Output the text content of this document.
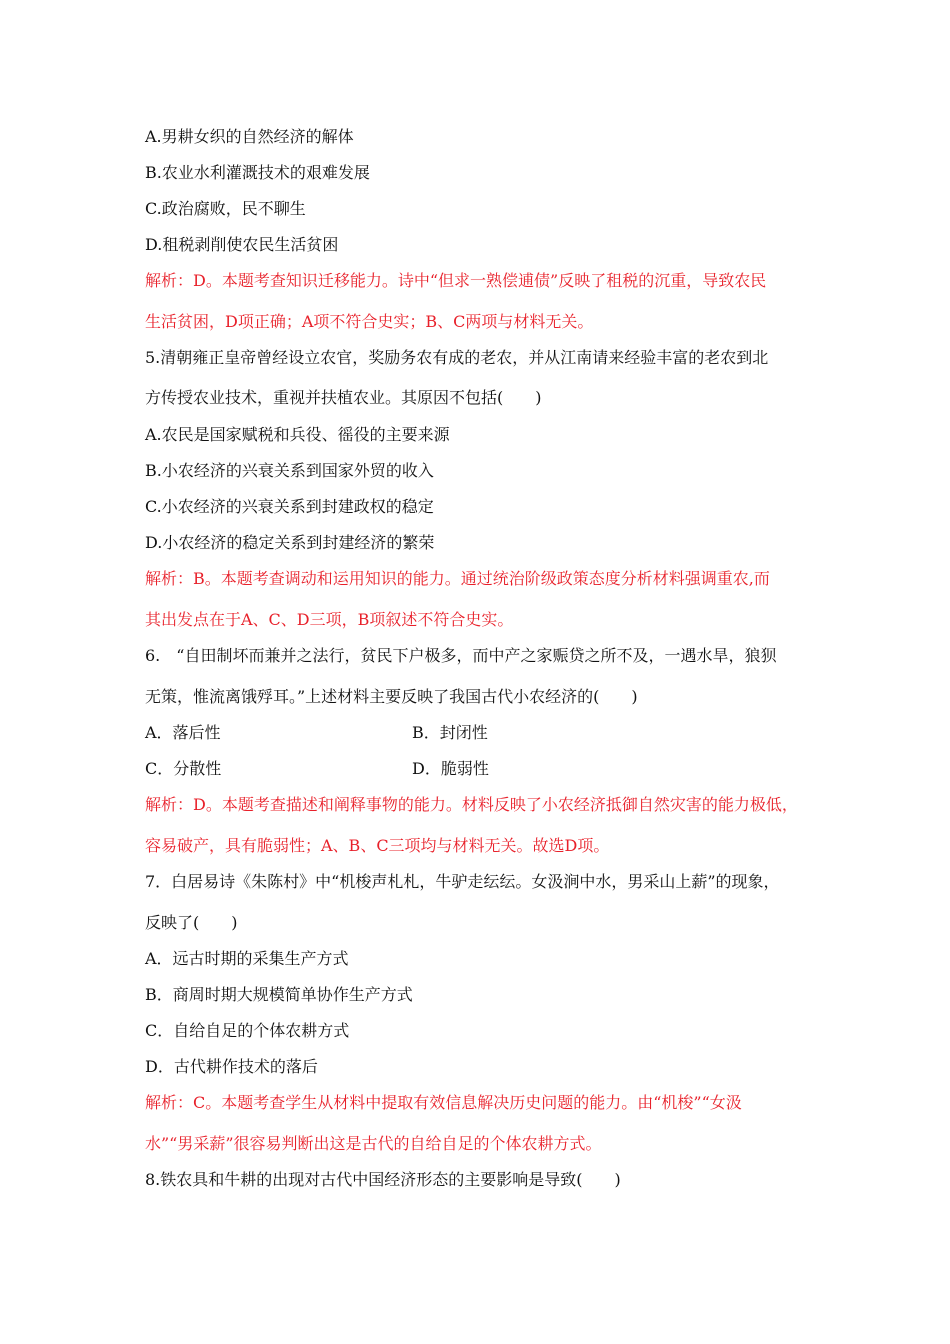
A.男耕女织的自然经济的解体
B.农业水利灌溉技术的艰难发展
C.政治腐败，民不聊生
D.租税剥削使农民生活贫困
解析：D。本题考查知识迁移能力。诗中“但求一熟偿逋债”反映了租税的沉重，导致农民
生活贫困，D项正确；A项不符合史实；B、C两项与材料无关。
5.清朝雍正皇帝曾经设立农官，奖励务农有成的老农，并从江南请来经验丰富的老农到北
方传授农业技术，重视并扶植农业。其原因不包括(　　)
A.农民是国家赋税和兵役、徭役的主要来源
B.小农经济的兴衰关系到国家外贸的收入
C.小农经济的兴衰关系到封建政权的稳定
D.小农经济的稳定关系到封建经济的繁荣
解析：B。本题考查调动和运用知识的能力。通过统治阶级政策态度分析材料强调重农,而
其出发点在于A、C、D三项，B项叙述不符合史实。
6.　“自田制坏而兼并之法行，贫民下户极多，而中产之家赈贷之所不及，一遇水旱，狼狈
无策，惟流离饿殍耳。”上述材料主要反映了我国古代小农经济的(　　)
A．落后性	B．封闭性
C．分散性	D．脆弱性
解析：D。本题考查描述和阐释事物的能力。材料反映了小农经济抵御自然灾害的能力极低，
容易破产，具有脆弱性；A、B、C三项均与材料无关。故选D项。
7．白居易诗《朱陈村》中“机梭声札札，牛驴走纭纭。女汲涧中水，男采山上薪”的现象，
反映了(　　)
A．远古时期的采集生产方式
B．商周时期大规模简单协作生产方式
C．自给自足的个体农耕方式
D．古代耕作技术的落后
解析：C。本题考查学生从材料中提取有效信息解决历史问题的能力。由“机梭”“女汲
水”“男采薪”很容易判断出这是古代的自给自足的个体农耕方式。
8.铁农具和牛耕的出现对古代中国经济形态的主要影响是导致(　　)
